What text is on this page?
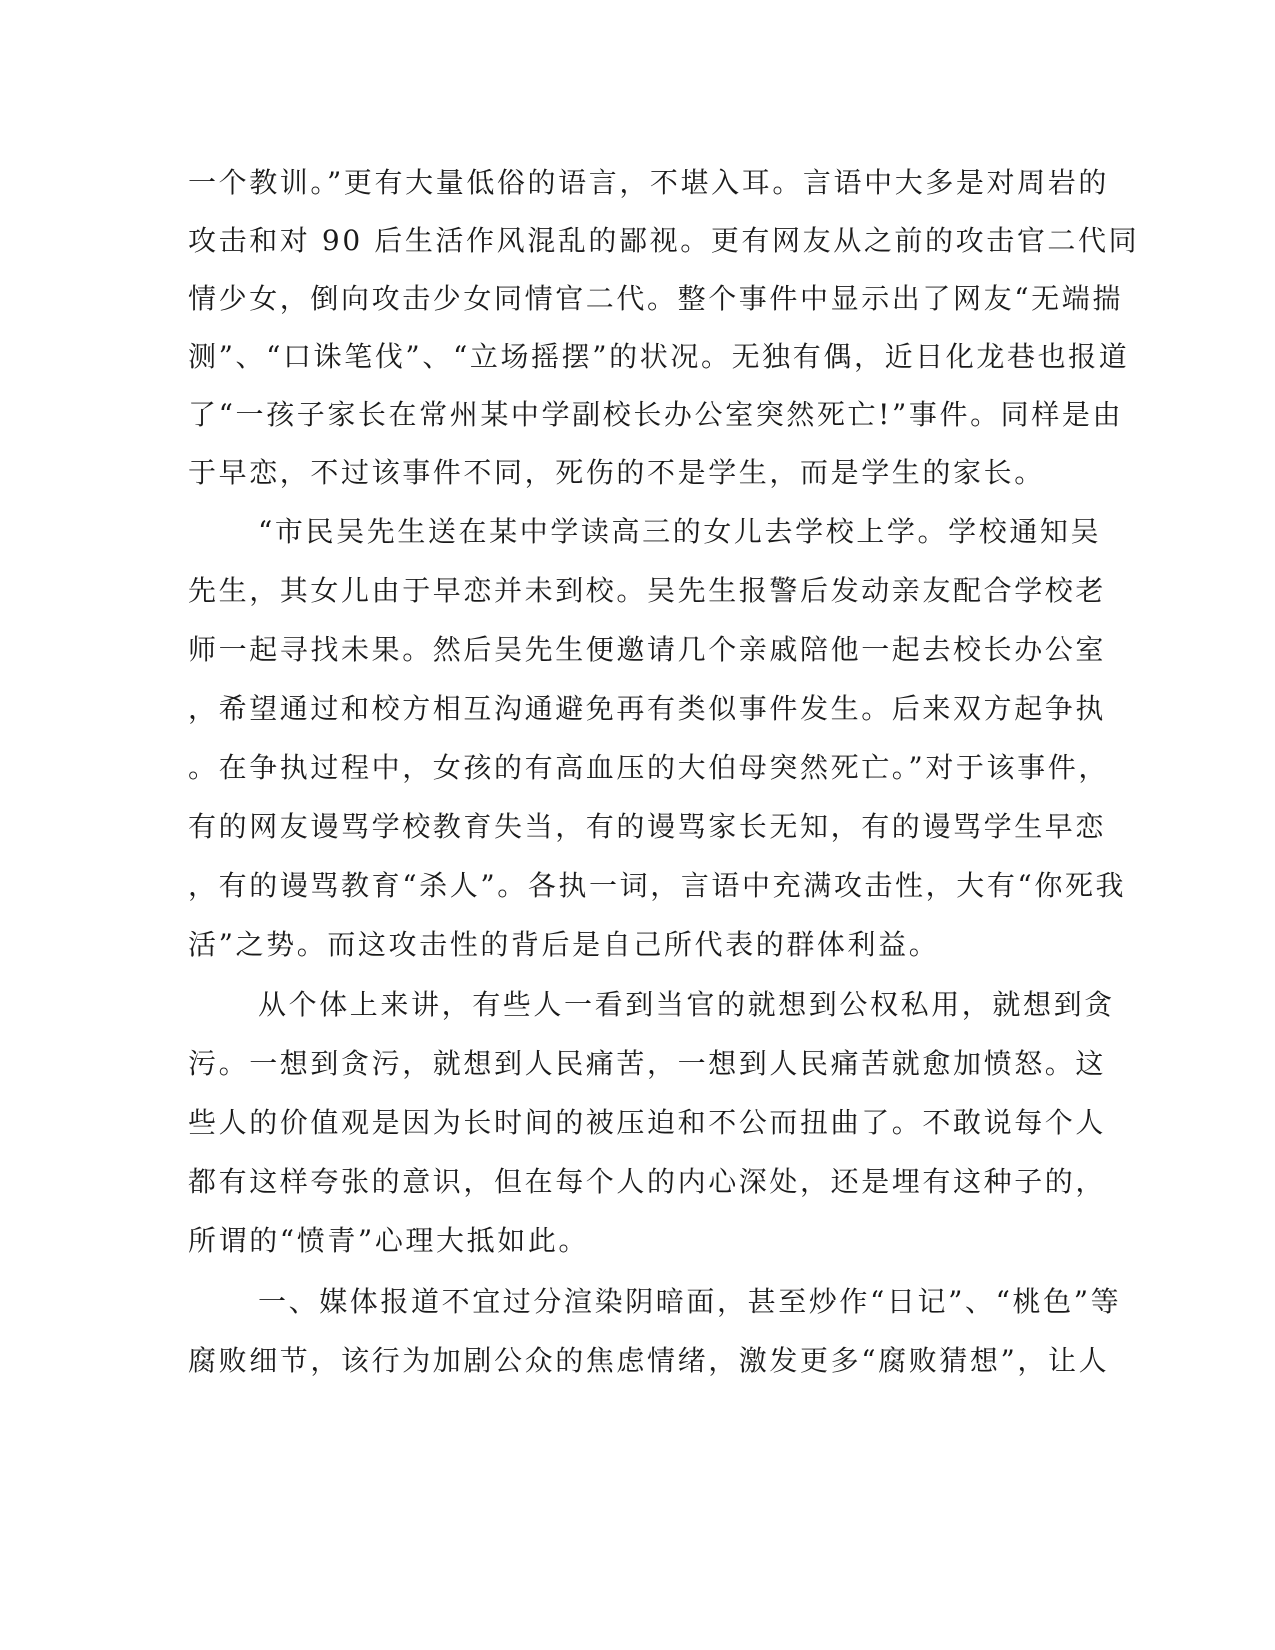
一个教训。”更有大量低俗的语言，不堪入耳。言语中大多是对周岩的
攻击和对 90 后生活作风混乱的鄙视。更有网友从之前的攻击官二代同
情少女，倒向攻击少女同情官二代。整个事件中显示出了网友“无端揣
测”、“口诛笔伐”、“立场摇摆”的状况。无独有偶，近日化龙巷也报道
了“一孩子家长在常州某中学副校长办公室突然死亡!”事件。同样是由
于早恋，不过该事件不同，死伤的不是学生，而是学生的家长。
“市民吴先生送在某中学读高三的女儿去学校上学。学校通知吴
先生，其女儿由于早恋并未到校。吴先生报警后发动亲友配合学校老
师一起寻找未果。然后吴先生便邀请几个亲戚陪他一起去校长办公室
，希望通过和校方相互沟通避免再有类似事件发生。后来双方起争执
。在争执过程中，女孩的有高血压的大伯母突然死亡。”对于该事件，
有的网友谩骂学校教育失当，有的谩骂家长无知，有的谩骂学生早恋
，有的谩骂教育“杀人”。各执一词，言语中充满攻击性，大有“你死我
活”之势。而这攻击性的背后是自己所代表的群体利益。
从个体上来讲，有些人一看到当官的就想到公权私用，就想到贪
污。一想到贪污，就想到人民痛苦，一想到人民痛苦就愈加愤怒。这
些人的价值观是因为长时间的被压迫和不公而扭曲了。不敢说每个人
都有这样夸张的意识，但在每个人的内心深处，还是埋有这种子的，
所谓的“愤青”心理大抵如此。
一、媒体报道不宜过分渲染阴暗面，甚至炒作“日记”、“桃色”等
腐败细节，该行为加剧公众的焦虑情绪，激发更多“腐败猜想”，让人
